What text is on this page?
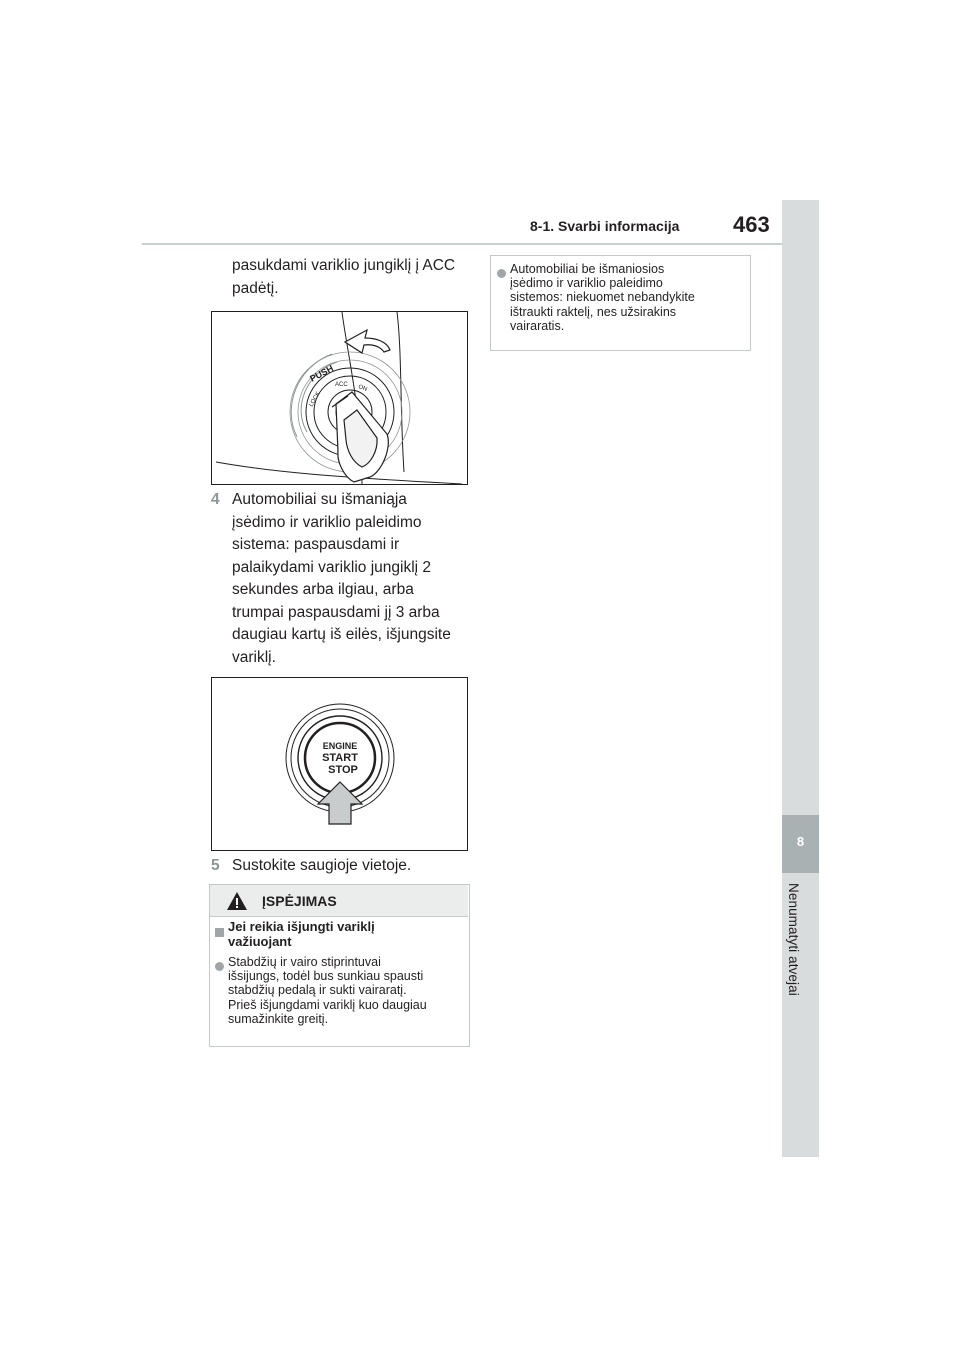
8-1. Svarbi informacija 463
8
Nenumatyti atvejai
pasukdami variklio jungiklį į ACC
padėtį.
PUSH
LOCK
ACC ON
4 Automobiliai su išmaniąja
įsėdimo ir variklio paleidimo
sistema: paspausdami ir
palaikydami variklio jungiklį 2
sekundes arba ilgiau, arba
trumpai paspausdami jį 3 arba
daugiau kartų iš eilės, išjungsite
variklį.
ENGINE
START
STOP
5 Sustokite saugioje vietoje.
ĮSPĖJIMAS
Jei reikia išjungti variklį
važiuojant
Stabdžių ir vairo stiprintuvai
išsijungs, todėl bus sunkiau spausti
stabdžių pedalą ir sukti vairaratį.
Prieš išjungdami variklį kuo daugiau
sumažinkite greitį.
Automobiliai be išmaniosios
įsėdimo ir variklio paleidimo
sistemos: niekuomet nebandykite
ištraukti raktelį, nes užsirakins
vairaratis.
